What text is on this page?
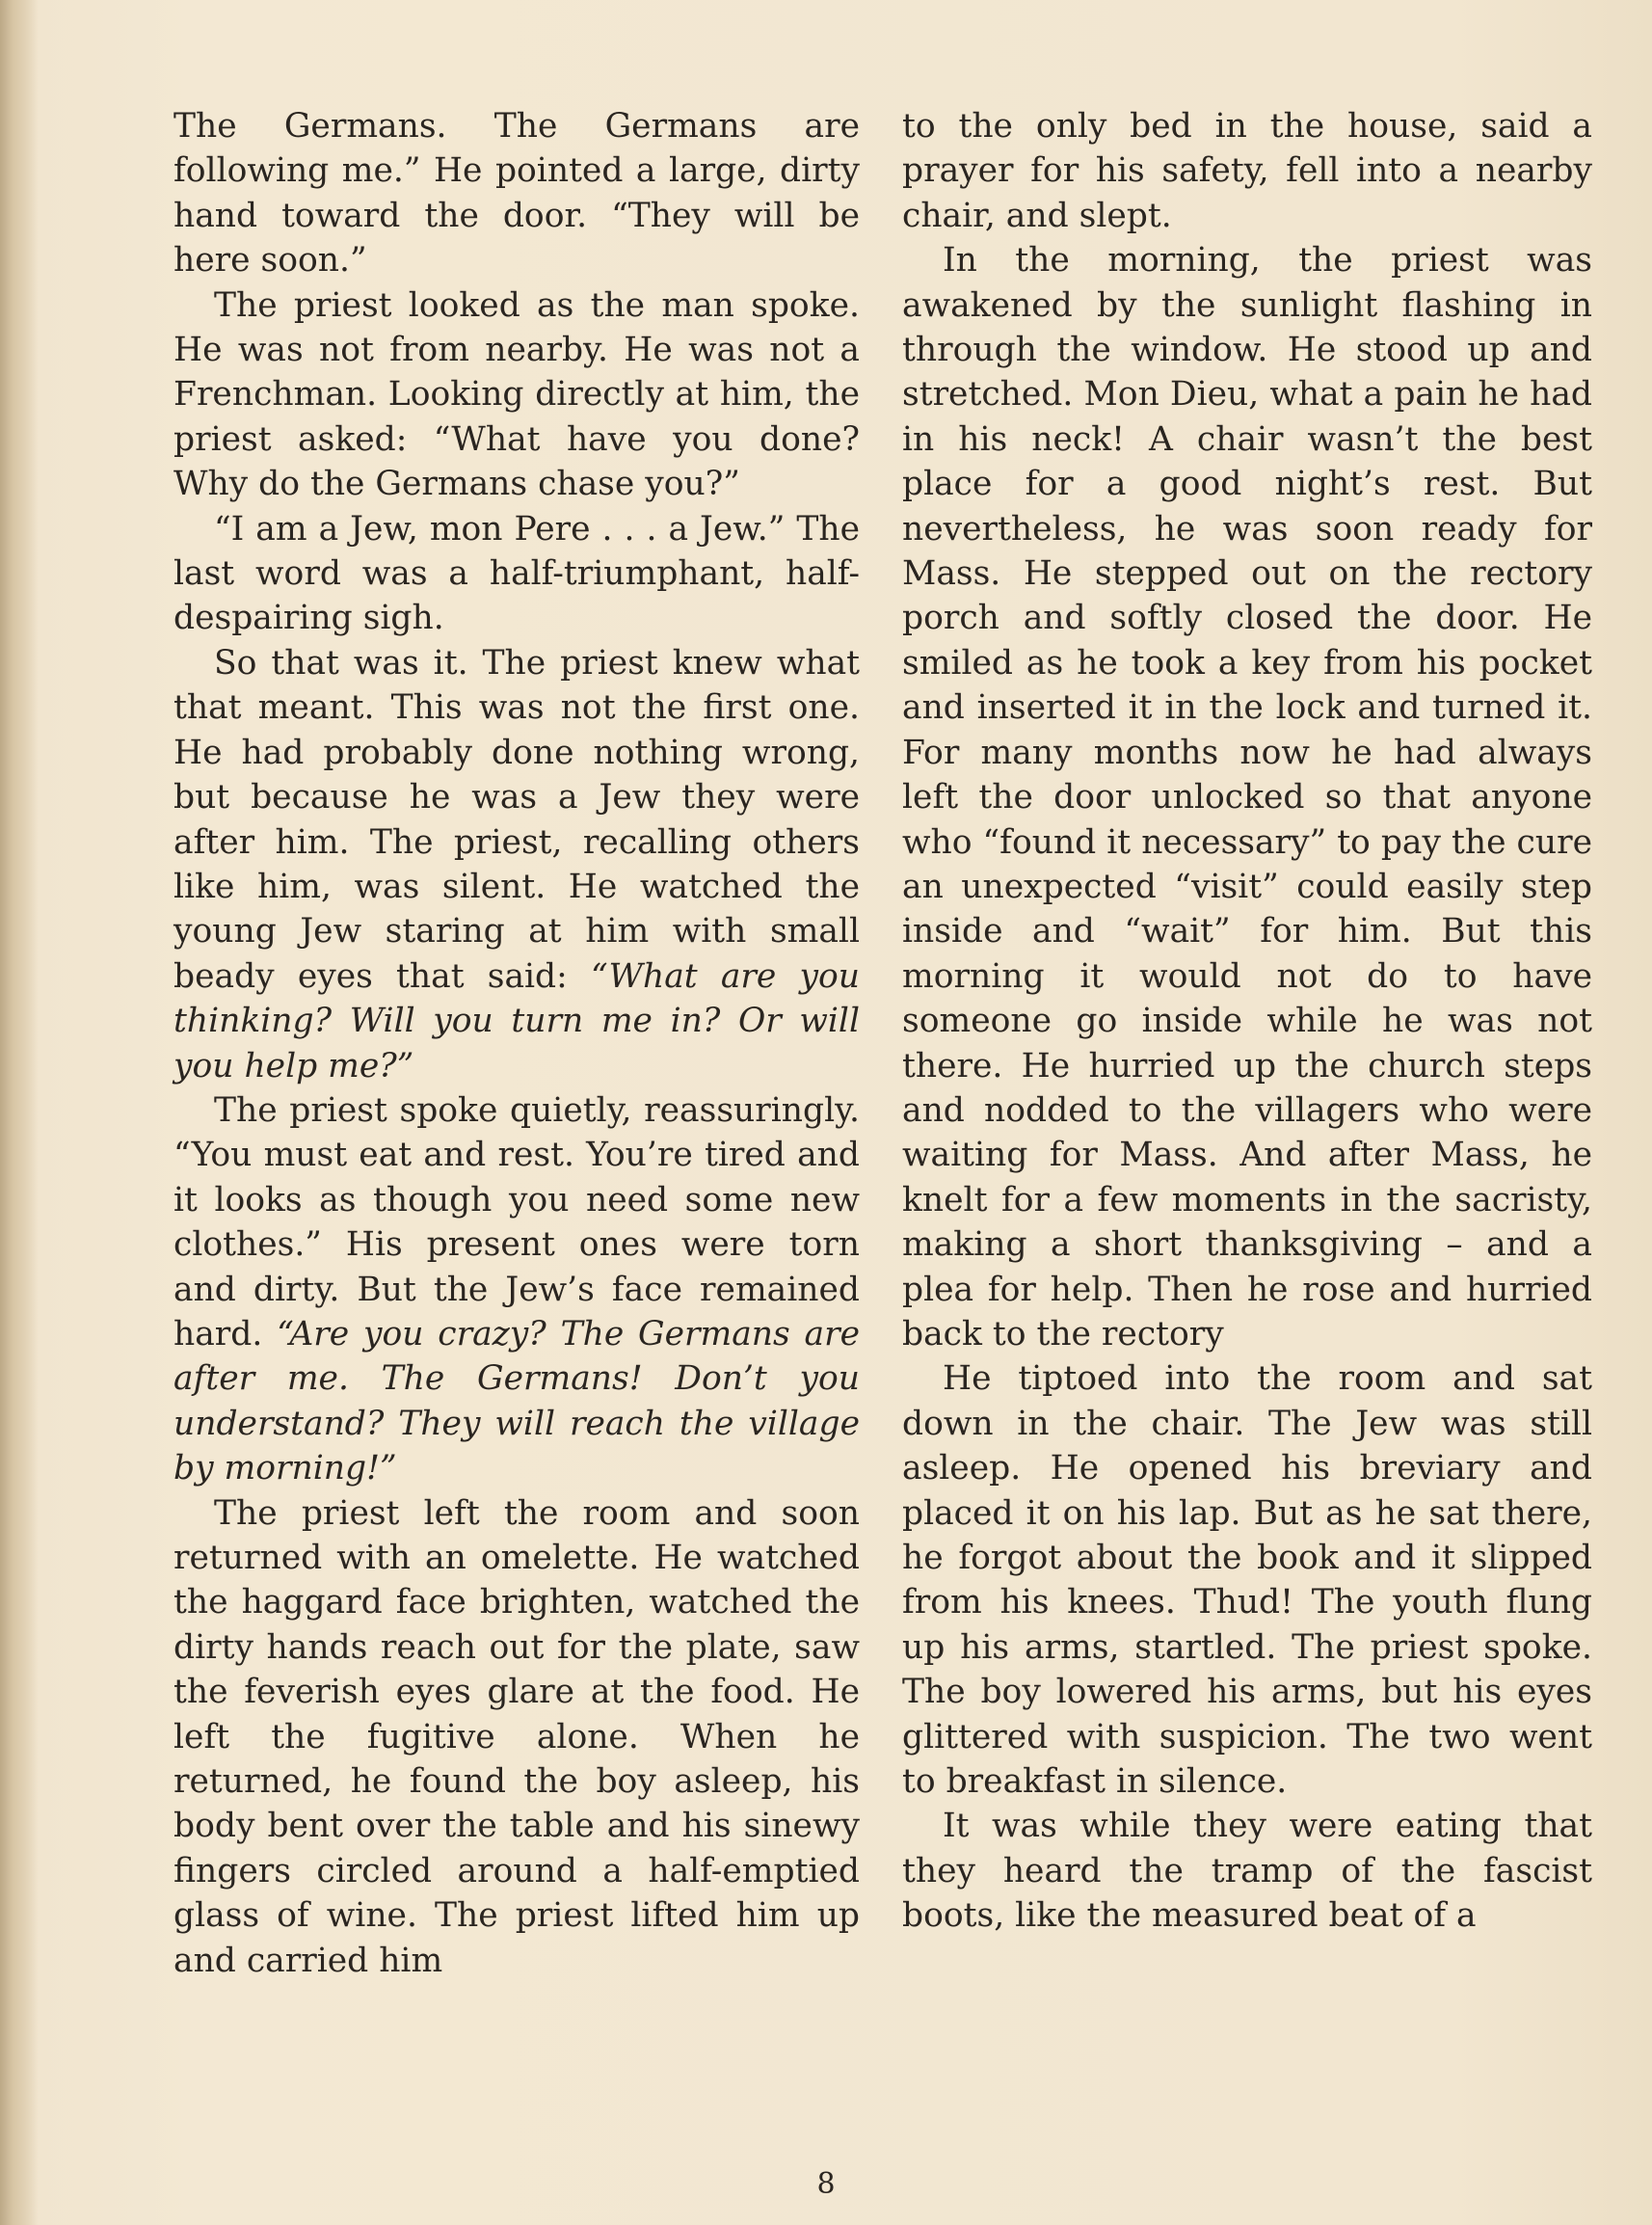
The Germans. The Germans are following me.” He pointed a large, dirty hand toward the door. “They will be here soon.”

The priest looked as the man spoke. He was not from nearby. He was not a Frenchman. Looking directly at him, the priest asked: “What have you done? Why do the Germans chase you?”

“I am a Jew, mon Pere . . . a Jew.” The last word was a half-triumphant, half-despairing sigh.

So that was it. The priest knew what that meant. This was not the first one. He had probably done nothing wrong, but because he was a Jew they were after him. The priest, recalling others like him, was silent. He watched the young Jew staring at him with small beady eyes that said: “What are you thinking? Will you turn me in? Or will you help me?”

The priest spoke quietly, reassuringly. “You must eat and rest. You’re tired and it looks as though you need some new clothes.” His present ones were torn and dirty. But the Jew’s face remained hard. “Are you crazy? The Germans are after me. The Germans! Don’t you understand? They will reach the village by morning!”

The priest left the room and soon returned with an omelette. He watched the haggard face brighten, watched the dirty hands reach out for the plate, saw the feverish eyes glare at the food. He left the fugitive alone. When he returned, he found the boy asleep, his body bent over the table and his sinewy fingers circled around a half-emptied glass of wine. The priest lifted him up and carried him

to the only bed in the house, said a prayer for his safety, fell into a nearby chair, and slept.

In the morning, the priest was awakened by the sunlight flashing in through the window. He stood up and stretched. Mon Dieu, what a pain he had in his neck! A chair wasn’t the best place for a good night’s rest. But nevertheless, he was soon ready for Mass. He stepped out on the rectory porch and softly closed the door. He smiled as he took a key from his pocket and inserted it in the lock and turned it. For many months now he had always left the door unlocked so that anyone who “found it necessary” to pay the cure an unexpected “visit” could easily step inside and “wait” for him. But this morning it would not do to have someone go inside while he was not there. He hurried up the church steps and nodded to the villagers who were waiting for Mass. And after Mass, he knelt for a few moments in the sacristy, making a short thanksgiving – and a plea for help. Then he rose and hurried back to the rectory

He tiptoed into the room and sat down in the chair. The Jew was still asleep. He opened his breviary and placed it on his lap. But as he sat there, he forgot about the book and it slipped from his knees. Thud! The youth flung up his arms, startled. The priest spoke. The boy lowered his arms, but his eyes glittered with suspicion. The two went to breakfast in silence.

It was while they were eating that they heard the tramp of the fascist boots, like the measured beat of a

8
